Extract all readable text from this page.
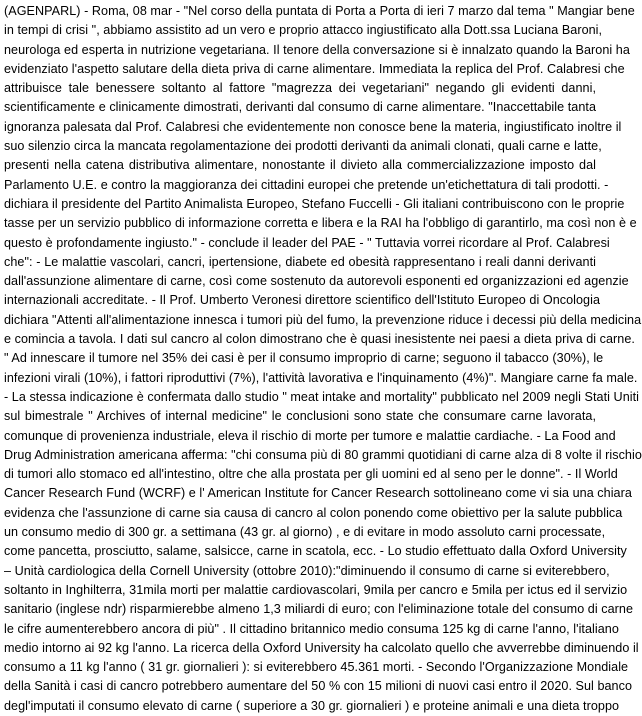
(AGENPARL) - Roma, 08 mar - "Nel corso della puntata di Porta a Porta di ieri 7 marzo dal tema " Mangiar bene
in tempi di crisi ", abbiamo assistito ad un vero e proprio attacco ingiustificato alla Dott.ssa Luciana Baroni,
neurologa ed esperta in nutrizione vegetariana. Il tenore della conversazione si è innalzato quando la Baroni ha
evidenziato l'aspetto salutare della dieta priva di carne alimentare. Immediata la replica del Prof. Calabresi che
attribuisce tale benessere soltanto al fattore "magrezza dei vegetariani" negando gli evidenti danni,
scientificamente e clinicamente dimostrati, derivanti dal consumo di carne alimentare. "Inaccettabile tanta
ignoranza palesata dal Prof. Calabresi che evidentemente non conosce bene la materia, ingiustificato inoltre il
suo silenzio circa la mancata regolamentazione dei prodotti derivanti da animali clonati, quali carne e latte,
presenti nella catena distributiva alimentare, nonostante il divieto alla commercializzazione imposto dal
Parlamento U.E. e contro la maggioranza dei cittadini europei che pretende un'etichettatura di tali prodotti. -
dichiara il presidente del Partito Animalista Europeo, Stefano Fuccelli - Gli italiani contribuiscono con le proprie
tasse per un servizio pubblico di informazione corretta e libera e la RAI ha l'obbligo di garantirlo, ma così non è e
questo è profondamente ingiusto." - conclude il leader del PAE - " Tuttavia vorrei ricordare al Prof. Calabresi
che": - Le malattie vascolari, cancri, ipertensione, diabete ed obesità rappresentano i reali danni derivanti
dall'assunzione alimentare di carne, così come sostenuto da autorevoli esponenti ed organizzazioni ed agenzie
internazionali accreditate. - Il Prof. Umberto Veronesi direttore scientifico dell'Istituto Europeo di Oncologia
dichiara "Attenti all'alimentazione innesca i tumori più del fumo, la prevenzione riduce i decessi più della medicina
e comincia a tavola. I dati sul cancro al colon dimostrano che è quasi inesistente nei paesi a dieta priva di carne.
" Ad innescare il tumore nel 35% dei casi è per il consumo improprio di carne; seguono il tabacco (30%), le
infezioni virali (10%), i fattori riproduttivi (7%), l'attività lavorativa e l'inquinamento (4%)". Mangiare carne fa male.
- La stessa indicazione è confermata dallo studio " meat intake and mortality" pubblicato nel 2009 negli Stati Uniti
sul bimestrale " Archives of internal medicine" le conclusioni sono state che consumare carne lavorata,
comunque di provenienza industriale, eleva il rischio di morte per tumore e malattie cardiache. - La Food and
Drug Administration americana afferma: "chi consuma più di 80 grammi quotidiani di carne alza di 8 volte il rischio
di tumori allo stomaco ed all'intestino, oltre che alla prostata per gli uomini ed al seno per le donne". - Il World
Cancer Research Fund (WCRF) e l' American Institute for Cancer Research sottolineano come vi sia una chiara
evidenza che l'assunzione di carne sia causa di cancro al colon ponendo come obiettivo per la salute pubblica
un consumo medio di 300 gr. a settimana (43 gr. al giorno) , e di evitare in modo assoluto carni processate,
come pancetta, prosciutto, salame, salsicce, carne in scatola, ecc. - Lo studio effettuato dalla Oxford University
– Unità cardiologica della Cornell University (ottobre 2010):"diminuendo il consumo di carne si eviterebbero,
soltanto in Inghilterra, 31mila morti per malattie cardiovascolari, 9mila per cancro e 5mila per ictus ed il servizio
sanitario (inglese ndr) risparmierebbe almeno 1,3 miliardi di euro; con l'eliminazione totale del consumo di carne
le cifre aumenterebbero ancora di più" . Il cittadino britannico medio consuma 125 kg di carne l'anno, l'italiano
medio intorno ai 92 kg l'anno. La ricerca della Oxford University ha calcolato quello che avverrebbe diminuendo il
consumo a 11 kg l'anno ( 31 gr. giornalieri ): si eviterebbero 45.361 morti. - Secondo l'Organizzazione Mondiale
della Sanità i casi di cancro potrebbero aumentare del 50 % con 15 milioni di nuovi casi entro il 2020. Sul banco
degl'imputati il consumo elevato di carne ( superiore a 30 gr. giornalieri ) e proteine animali e una dieta troppo
